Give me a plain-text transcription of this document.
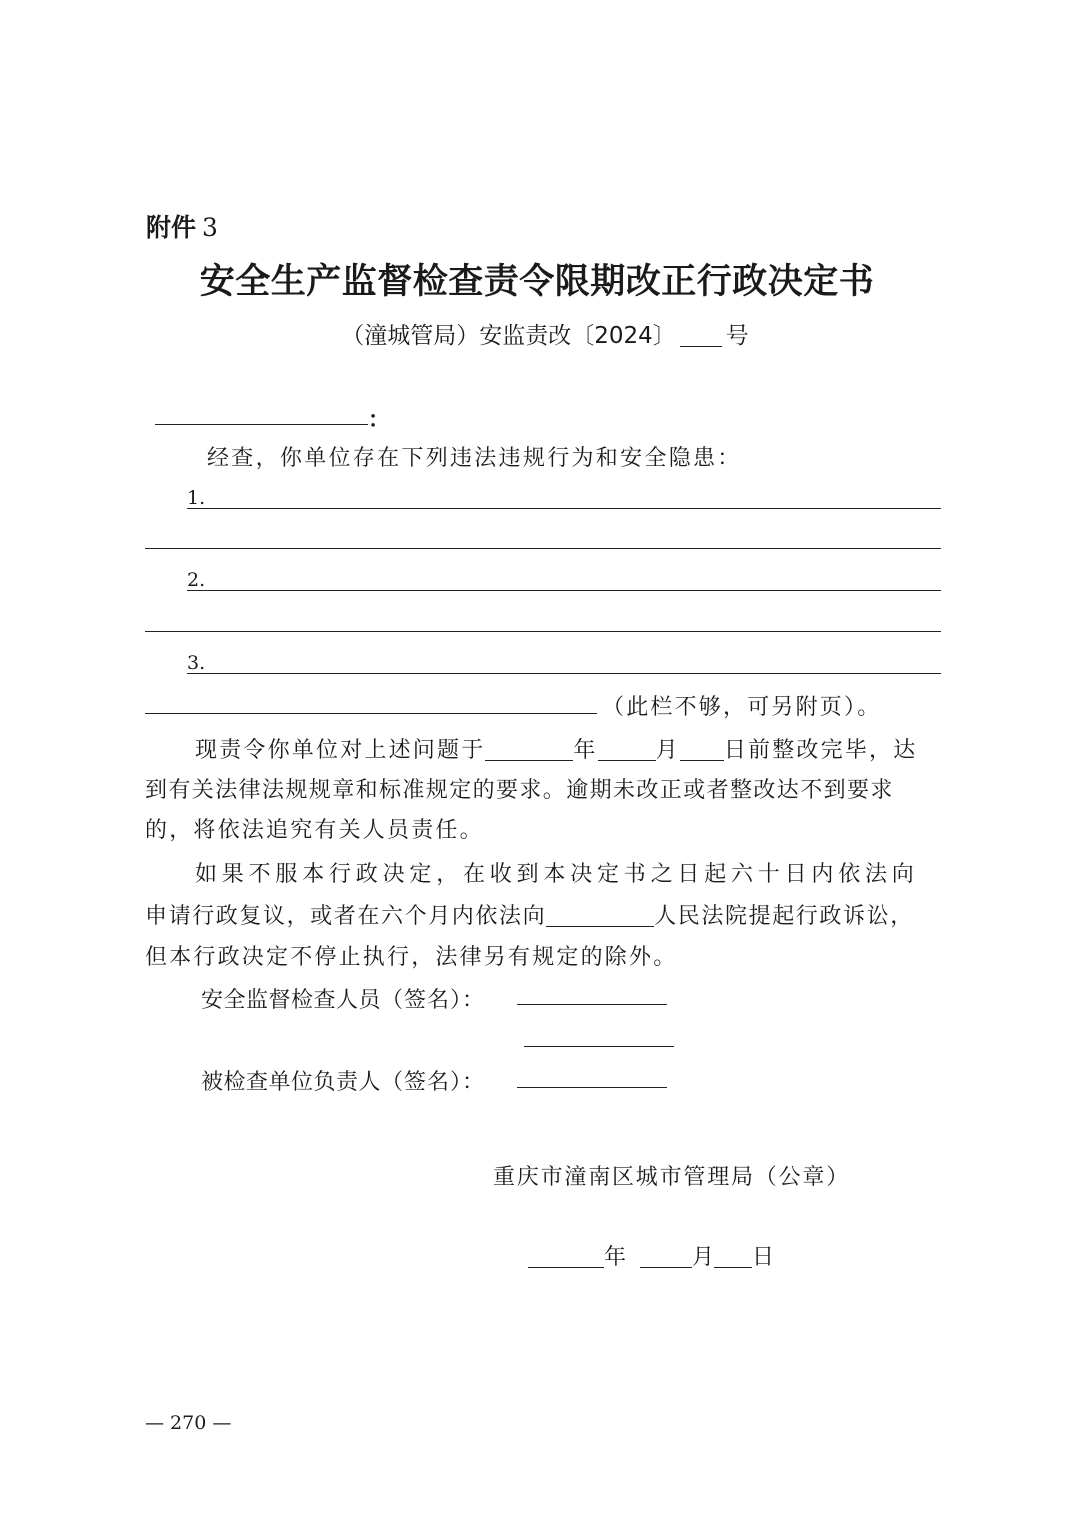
附件 3
安全生产监督检查责令限期改正行政决定书
（潼城管局）安监责改〔2024〕 号
：
经查，你单位存在下列违法违规行为和安全隐患：
1.
2.
3.
（此栏不够，可另附页）。
现责令你单位对上述问题于	年	月 日前整改完毕，达
到有关法律法规规章和标准规定的要求。逾期未改正或者整改达不到要求
的，将依法追究有关人员责任。
如果不服本行政决定，在收到本决定书之日起六十日内依法向
申请行政复议，或者在六个月内依法向	人民法院提起行政诉讼，
但本行政决定不停止执行，法律另有规定的除外。
安全监督检查人员（签名）：
被检查单位负责人（签名）：
重庆市潼南区城市管理局（公章）
年	月 日
— 270 —
